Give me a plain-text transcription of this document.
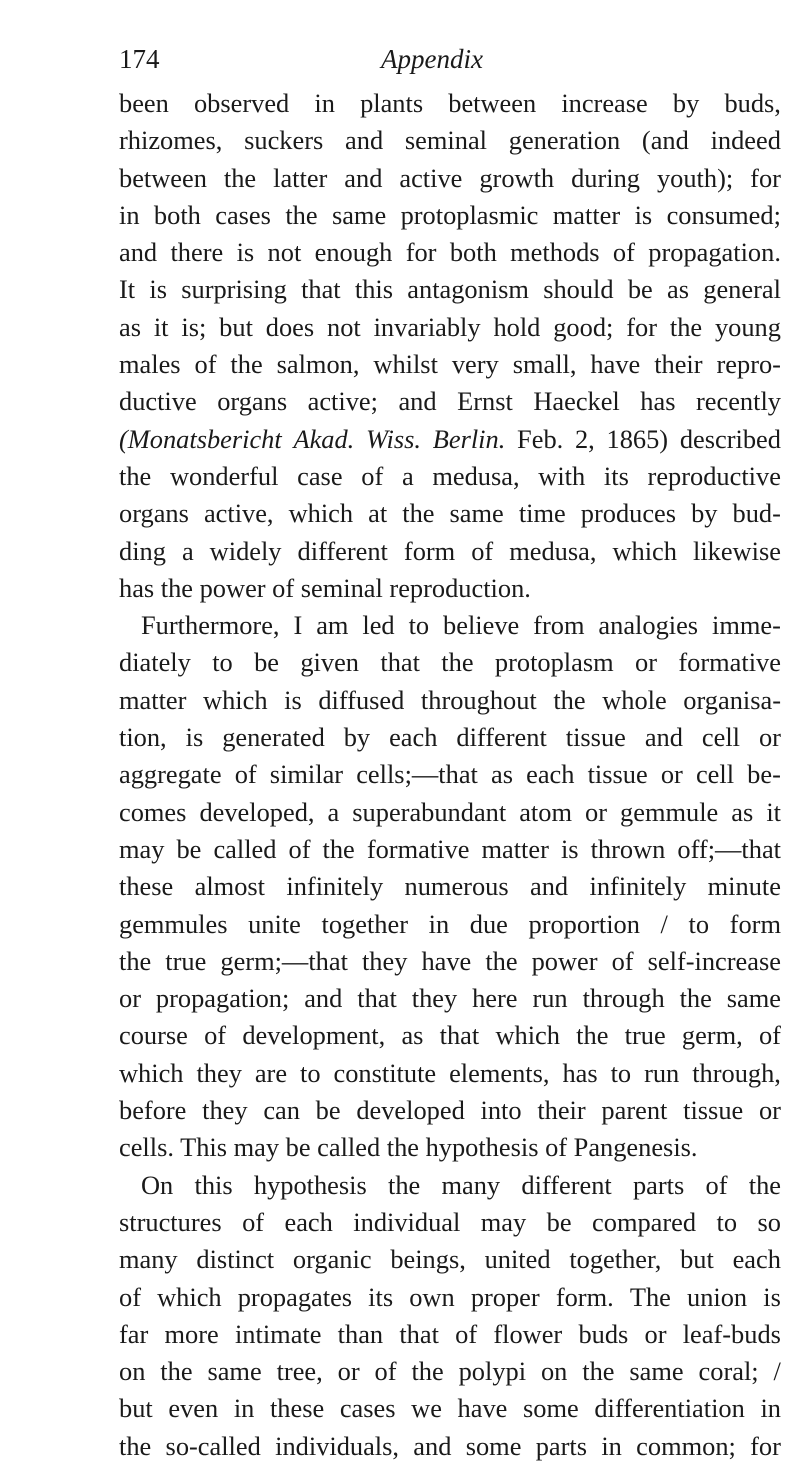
174	Appendix
been observed in plants between increase by buds,
rhizomes, suckers and seminal generation (and indeed
between the latter and active growth during youth); for
in both cases the same protoplasmic matter is consumed;
and there is not enough for both methods of propagation.
It is surprising that this antagonism should be as general
as it is; but does not invariably hold good; for the young
males of the salmon, whilst very small, have their repro-
ductive organs active; and Ernst Haeckel has recently
(Monatsbericht Akad. Wiss. Berlin. Feb. 2, 1865) described
the wonderful case of a medusa, with its reproductive
organs active, which at the same time produces by bud-
ding a widely different form of medusa, which likewise
has the power of seminal reproduction.
Furthermore, I am led to believe from analogies imme-
diately to be given that the protoplasm or formative
matter which is diffused throughout the whole organisa-
tion, is generated by each different tissue and cell or
aggregate of similar cells;—that as each tissue or cell be-
comes developed, a superabundant atom or gemmule as it
may be called of the formative matter is thrown off;—that
these almost infinitely numerous and infinitely minute
gemmules unite together in due proportion / to form
the true germ;—that they have the power of self-increase
or propagation; and that they here run through the same
course of development, as that which the true germ, of
which they are to constitute elements, has to run through,
before they can be developed into their parent tissue or
cells. This may be called the hypothesis of Pangenesis.
On this hypothesis the many different parts of the
structures of each individual may be compared to so
many distinct organic beings, united together, but each
of which propagates its own proper form. The union is
far more intimate than that of flower buds or leaf-buds
on the same tree, or of the polypi on the same coral; /
but even in these cases we have some differentiation in
the so-called individuals, and some parts in common; for
